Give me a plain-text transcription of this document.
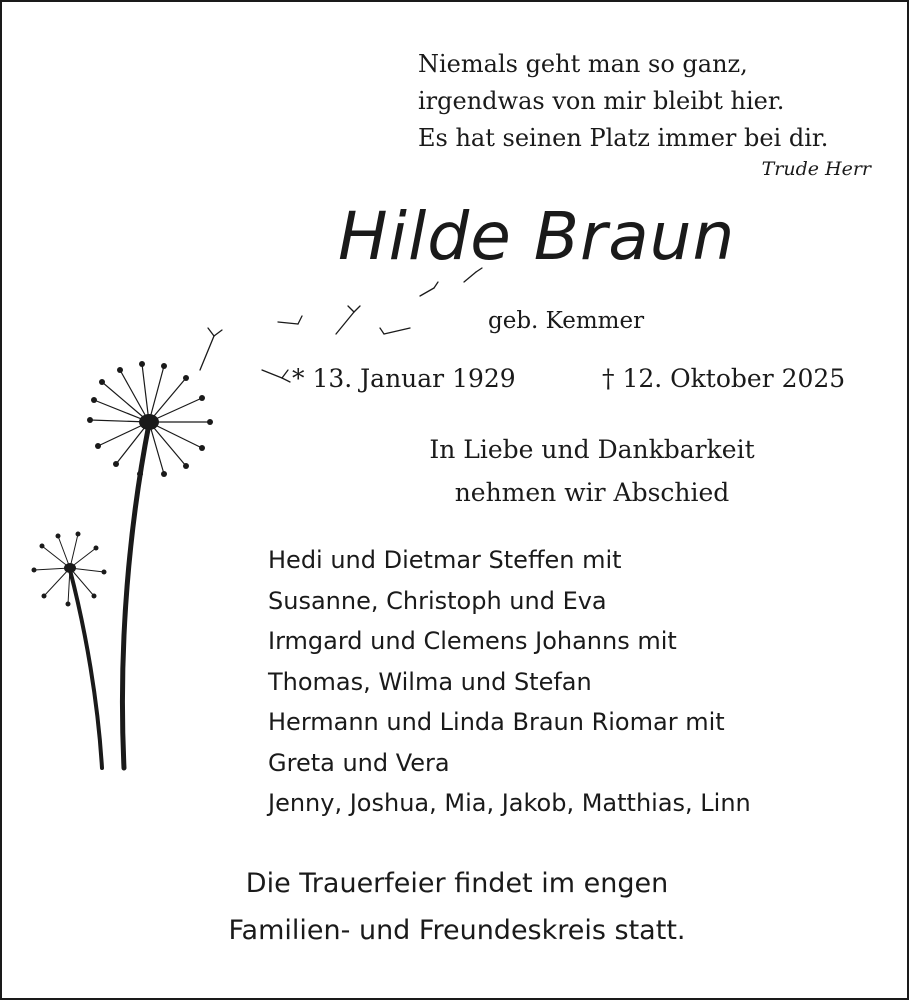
Niemals geht man so ganz,
irgendwas von mir bleibt hier.
Es hat seinen Platz immer bei dir.
Trude Herr
Hilde Braun
geb. Kemmer
* 13. Januar 1929	† 12. Oktober 2025
In Liebe und Dankbarkeit
nehmen wir Abschied
Hedi und Dietmar Steffen mit
Susanne, Christoph und Eva
Irmgard und Clemens Johanns mit
Thomas, Wilma und Stefan
Hermann und Linda Braun Riomar mit
Greta und Vera
Jenny, Joshua, Mia, Jakob, Matthias, Linn
Die Trauerfeier findet im engen
Familien- und Freundeskreis statt.
